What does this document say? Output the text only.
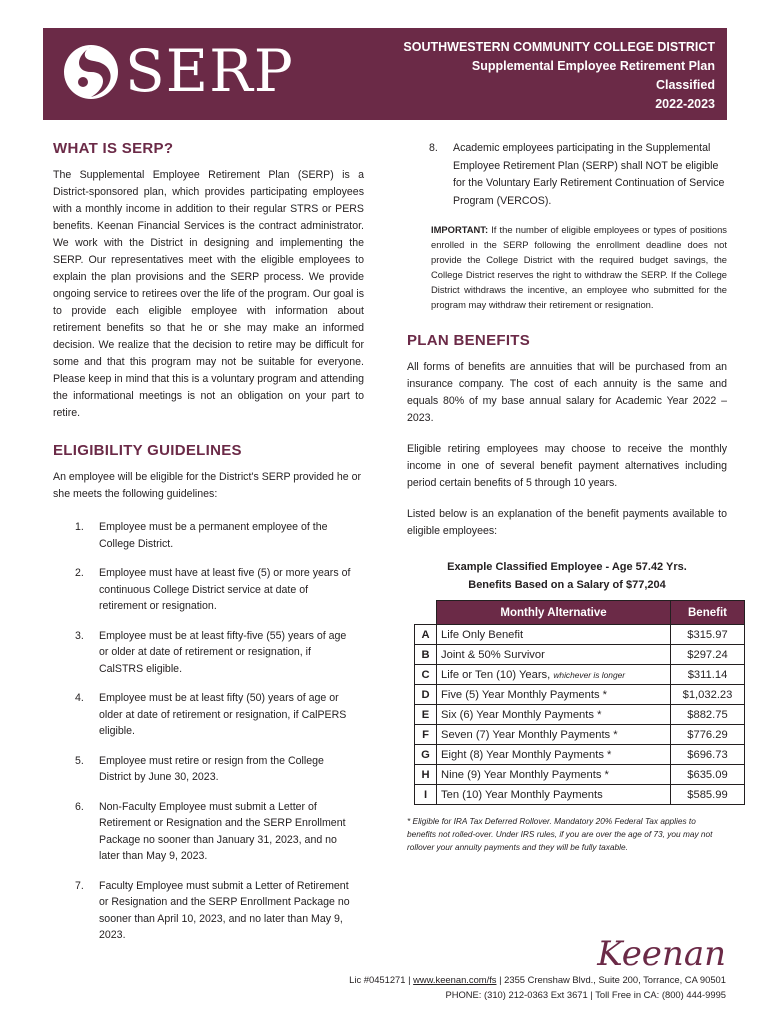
SERP	SOUTHWESTERN COMMUNITY COLLEGE DISTRICT
Supplemental Employee Retirement Plan
Classified
2022-2023
WHAT IS SERP?

The Supplemental Employee Retirement Plan (SERP) is a District-sponsored plan, which provides participating employees with a monthly income in addition to their regular STRS or PERS benefits. Keenan Financial Services is the contract administrator. We work with the District in designing and implementing the SERP. Our representatives meet with the eligible employees to explain the plan provisions and the SERP process. We provide ongoing service to retirees over the life of the program. Our goal is to provide each eligible employee with information about retirement benefits so that he or she may make an informed decision. We realize that the decision to retire may be difficult for some and that this program may not be suitable for everyone. Please keep in mind that this is a voluntary program and attending the informational meetings is not an obligation on your part to retire.

ELIGIBILITY GUIDELINES

An employee will be eligible for the District's SERP provided he or she meets the following guidelines:

1.	Employee must be a permanent employee of the College District.
2.	Employee must have at least five (5) or more years of continuous College District service at date of retirement or resignation.
3.	Employee must be at least fifty-five (55) years of age or older at date of retirement or resignation, if CalSTRS eligible.
4.	Employee must be at least fifty (50) years of age or older at date of retirement or resignation, if CalPERS eligible.
5.	Employee must retire or resign from the College District by June 30, 2023.
6.	Non-Faculty Employee must submit a Letter of Retirement or Resignation and the SERP Enrollment Package no sooner than January 31, 2023, and no later than May 9, 2023.
7.	Faculty Employee must submit a Letter of Retirement or Resignation and the SERP Enrollment Package no sooner than April 10, 2023, and no later than May 9, 2023.
8.	Academic employees participating in the Supplemental Employee Retirement Plan (SERP) shall NOT be eligible for the Voluntary Early Retirement Continuation of Service Program (VERCOS).

IMPORTANT: If the number of eligible employees or types of positions enrolled in the SERP following the enrollment deadline does not provide the College District with the required budget savings, the College District reserves the right to withdraw the SERP. If the College District withdraws the incentive, an employee who submitted for the program may withdraw their retirement or resignation.

PLAN BENEFITS

All forms of benefits are annuities that will be purchased from an insurance company. The cost of each annuity is the same and equals 80% of my base annual salary for Academic Year 2022 – 2023.

Eligible retiring employees may choose to receive the monthly income in one of several benefit payment alternatives including period certain benefits of 5 through 10 years.

Listed below is an explanation of the benefit payments available to eligible employees:

Example Classified Employee - Age 57.42 Yrs.
Benefits Based on a Salary of $77,204
	Monthly Alternative	Benefit
A	Life Only Benefit	$315.97
B	Joint & 50% Survivor	$297.24
C	Life or Ten (10) Years, whichever is longer	$311.14
D	Five (5) Year Monthly Payments *	$1,032.23
E	Six (6) Year Monthly Payments *	$882.75
F	Seven (7) Year Monthly Payments *	$776.29
G	Eight (8) Year Monthly Payments *	$696.73
H	Nine (9) Year Monthly Payments *	$635.09
I	Ten (10) Year Monthly Payments	$585.99

* Eligible for IRA Tax Deferred Rollover. Mandatory 20% Federal Tax applies to benefits not rolled-over. Under IRS rules, if you are over the age of 73, you may not rollover your annuity payments and they will be fully taxable.

Keenan
Lic #0451271 | www.keenan.com/fs | 2355 Crenshaw Blvd., Suite 200, Torrance, CA 90501
PHONE: (310) 212-0363 Ext 3671 | Toll Free in CA: (800) 444-9995
